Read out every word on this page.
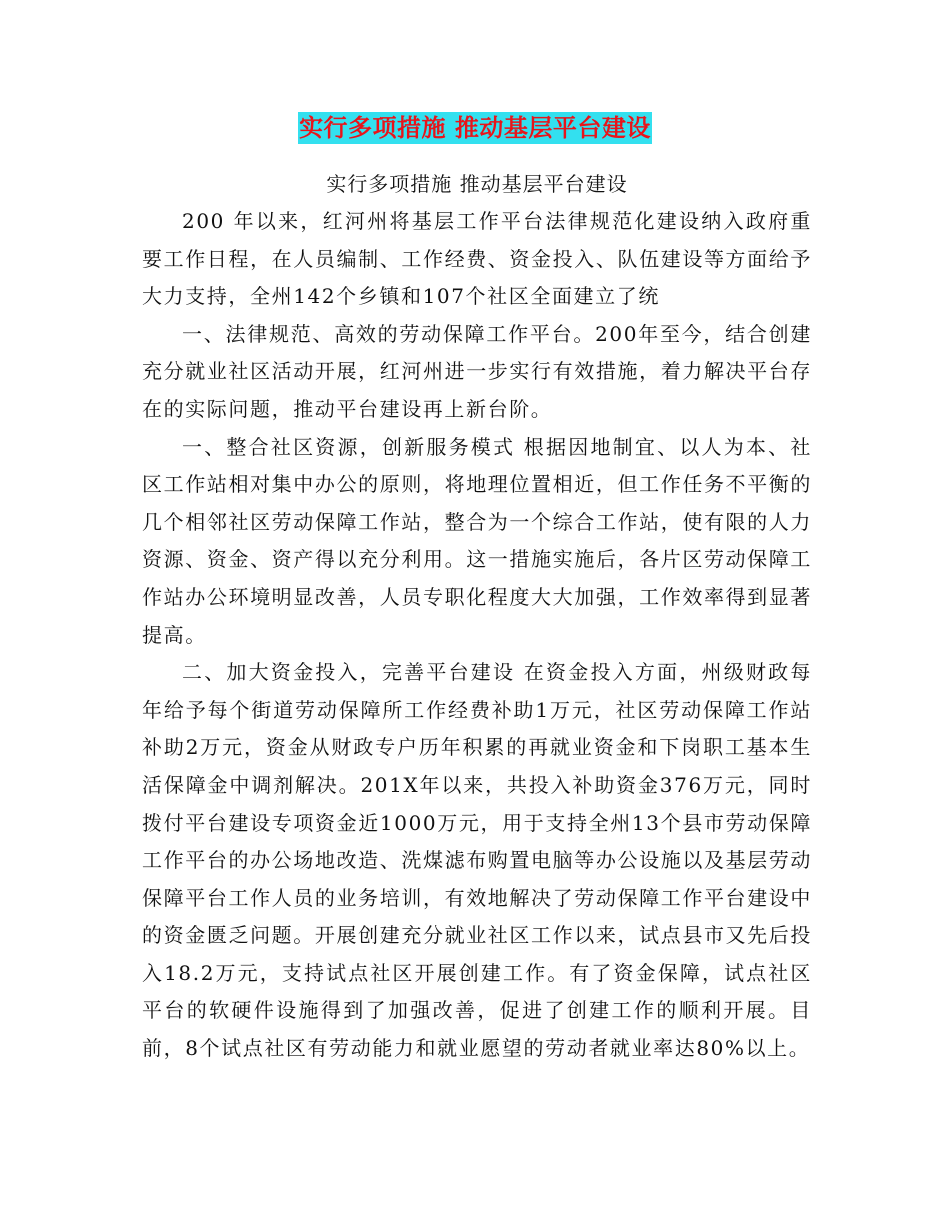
实行多项措施 推动基层平台建设

实行多项措施 推动基层平台建设

200 年以来，红河州将基层工作平台法律规范化建设纳入政府重要工作日程，在人员编制、工作经费、资金投入、队伍建设等方面给予大力支持，全州142个乡镇和107个社区全面建立了统

一、法律规范、高效的劳动保障工作平台。200年至今，结合创建充分就业社区活动开展，红河州进一步实行有效措施，着力解决平台存在的实际问题，推动平台建设再上新台阶。

一、整合社区资源，创新服务模式 根据因地制宜、以人为本、社区工作站相对集中办公的原则，将地理位置相近，但工作任务不平衡的几个相邻社区劳动保障工作站，整合为一个综合工作站，使有限的人力资源、资金、资产得以充分利用。这一措施实施后，各片区劳动保障工作站办公环境明显改善，人员专职化程度大大加强，工作效率得到显著提高。

二、加大资金投入，完善平台建设 在资金投入方面，州级财政每年给予每个街道劳动保障所工作经费补助1万元，社区劳动保障工作站补助2万元，资金从财政专户历年积累的再就业资金和下岗职工基本生活保障金中调剂解决。201X年以来，共投入补助资金376万元，同时拨付平台建设专项资金近1000万元，用于支持全州13个县市劳动保障工作平台的办公场地改造、洗煤滤布购置电脑等办公设施以及基层劳动保障平台工作人员的业务培训，有效地解决了劳动保障工作平台建设中的资金匮乏问题。开展创建充分就业社区工作以来，试点县市又先后投入18.2万元，支持试点社区开展创建工作。有了资金保障，试点社区平台的软硬件设施得到了加强改善，促进了创建工作的顺利开展。目前，8个试点社区有劳动能力和就业愿望的劳动者就业率达80%以上。
